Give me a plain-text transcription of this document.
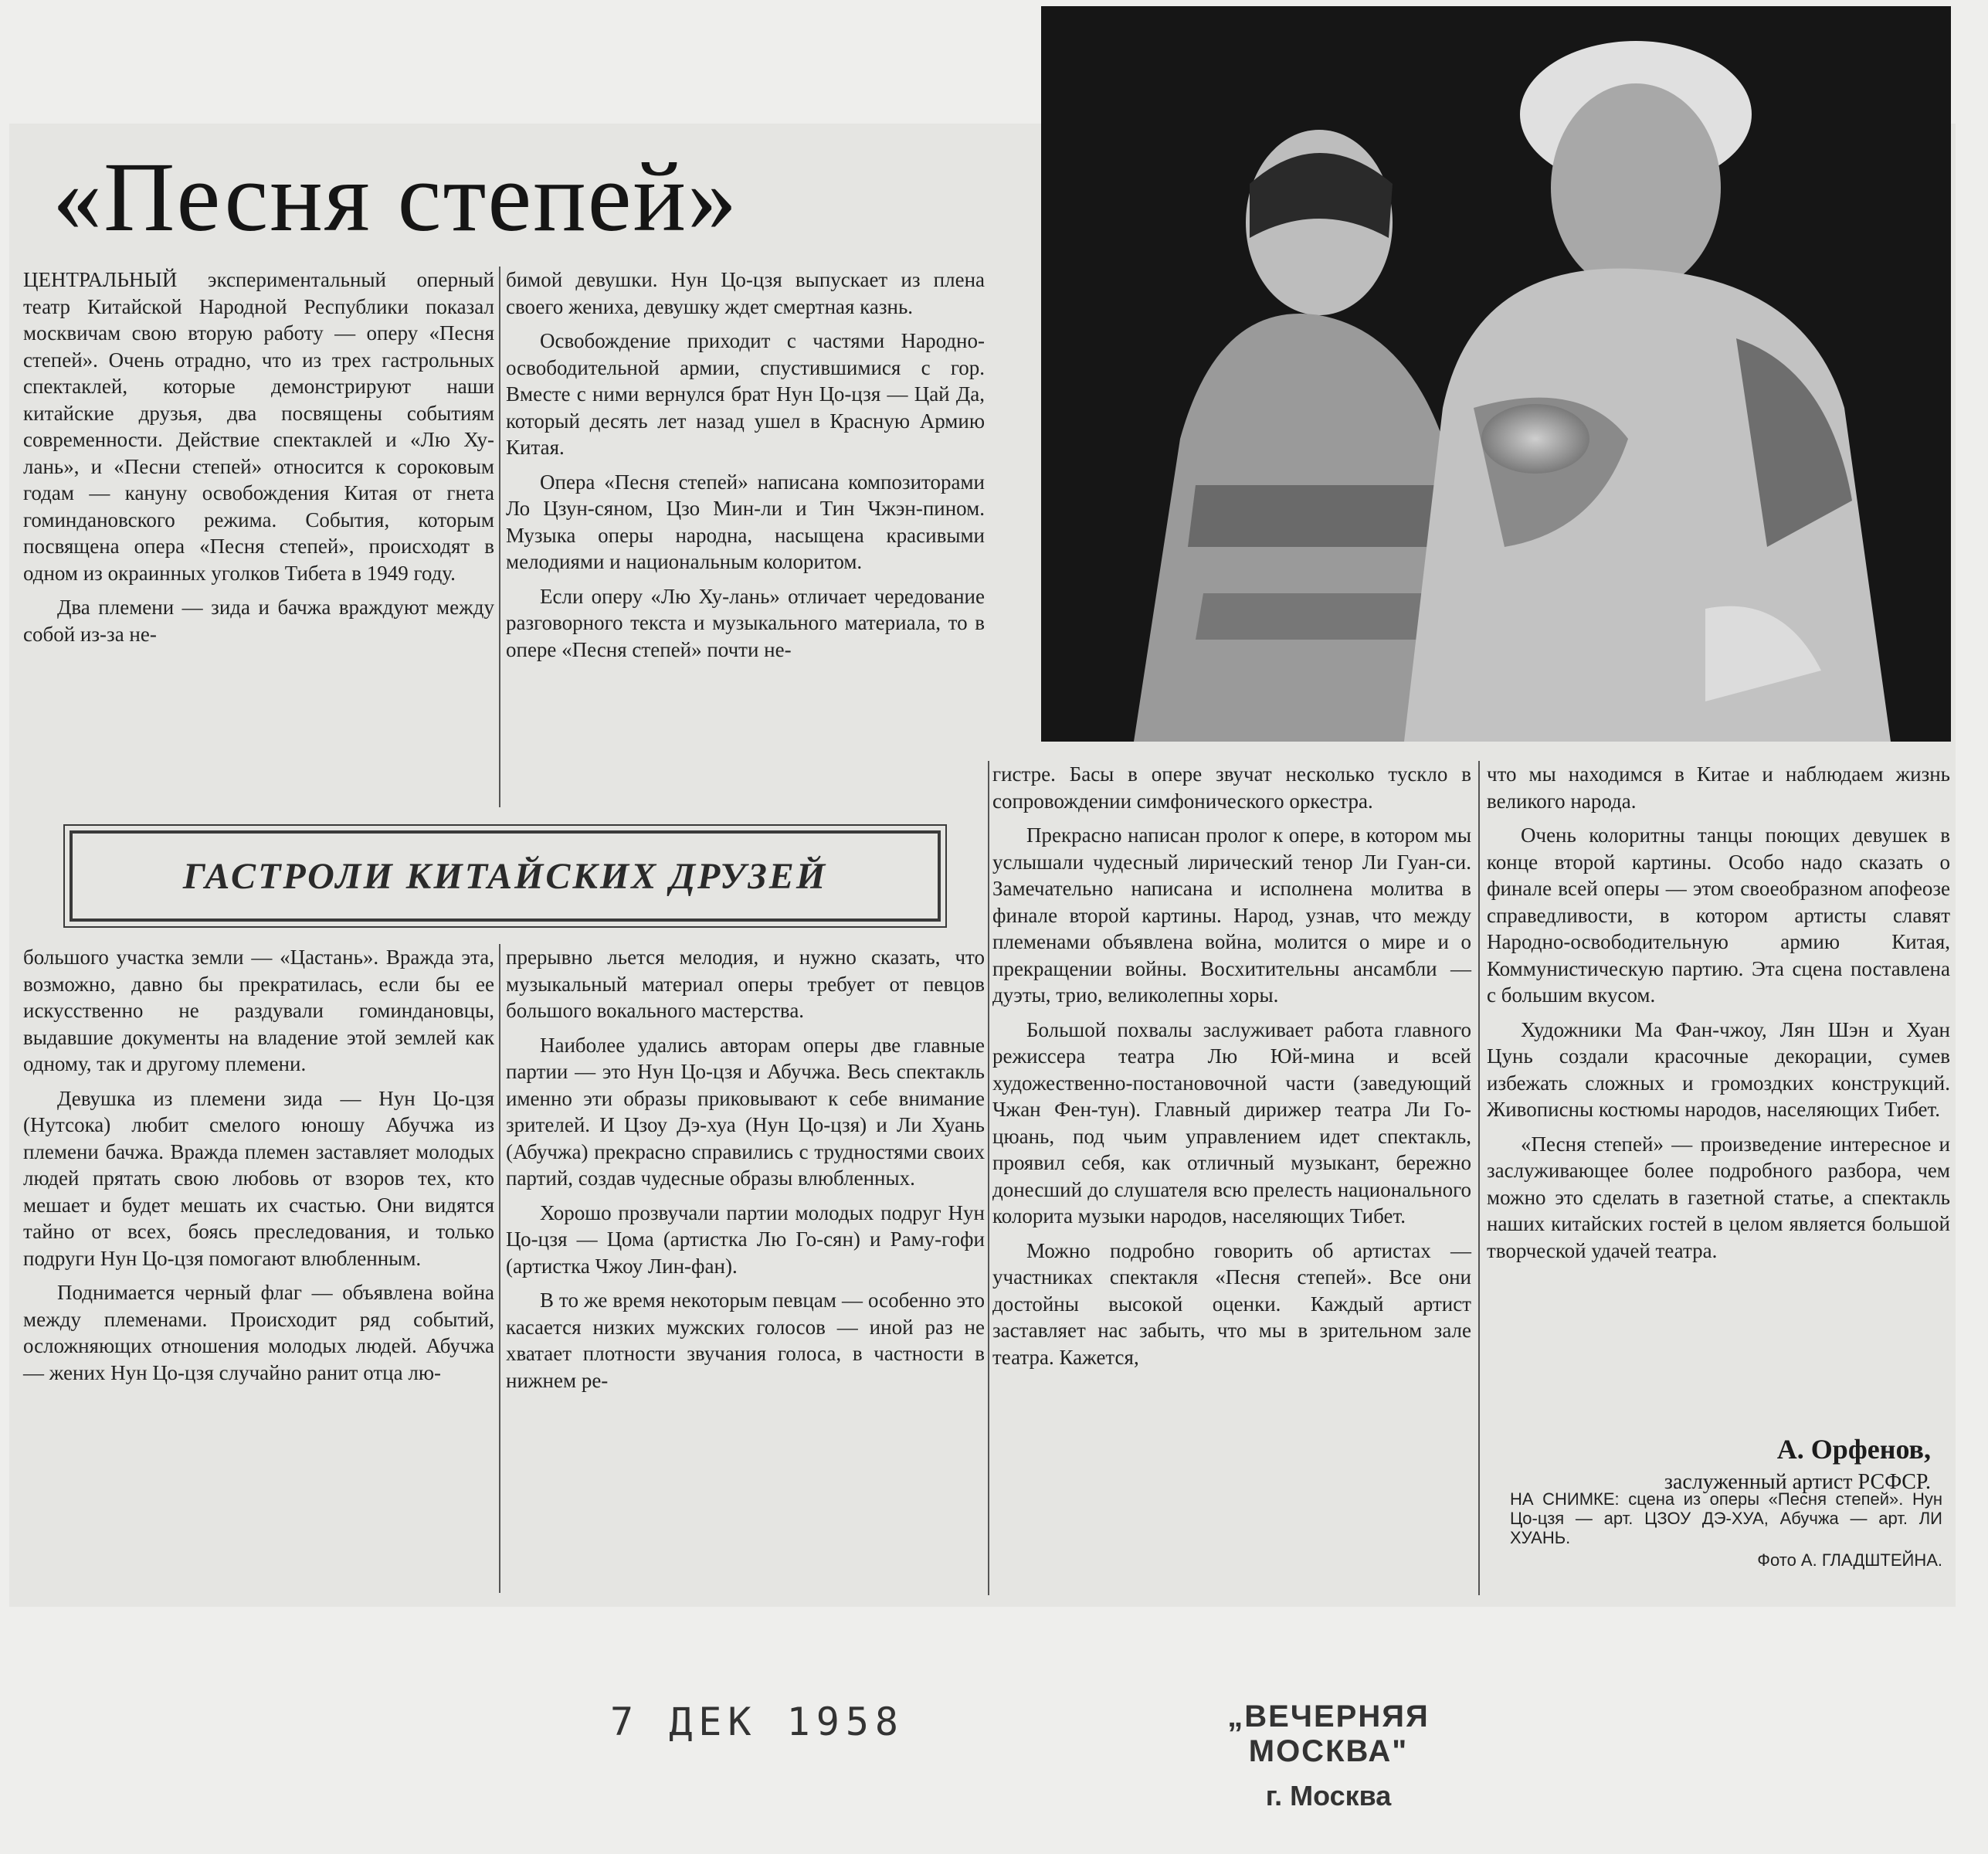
«Песня степей»

ЦЕНТРАЛЬНЫЙ экспериментальный оперный театр Китайской Народной Республики показал москвичам свою вторую работу — оперу «Песня степей». Очень отрадно, что из трех гастрольных спектаклей, которые демонстрируют наши китайские друзья, два посвящены событиям современности. Действие спектаклей и «Лю Ху-лань», и «Песни степей» относится к сороковым годам — кануну освобождения Китая от гнета гоминдановского режима. События, которым посвящена опера «Песня степей», происходят в одном из окраинных уголков Тибета в 1949 году.

Два племени — зида и бачжа враждуют между собой из-за не-

бимой девушки. Нун Цо-цзя выпускает из плена своего жениха, девушку ждет смертная казнь.

Освобождение приходит с частями Народно-освободительной армии, спустившимися с гор. Вместе с ними вернулся брат Нун Цо-цзя — Цай Да, который десять лет назад ушел в Красную Армию Китая.

Опера «Песня степей» написана композиторами Ло Цзун-сяном, Цзо Мин-ли и Тин Чжэн-пином. Музыка оперы народна, насыщена красивыми мелодиями и национальным колоритом.

Если оперу «Лю Ху-лань» отличает чередование разговорного текста и музыкального материала, то в опере «Песня степей» почти не-

ГАСТРОЛИ КИТАЙСКИХ ДРУЗЕЙ

большого участка земли — «Цастань». Вражда эта, возможно, давно бы прекратилась, если бы ее искусственно не раздували гоминдановцы, выдавшие документы на владение этой землей как одному, так и другому племени.

Девушка из племени зида — Нун Цо-цзя (Нутсока) любит смелого юношу Абучжа из племени бачжа. Вражда племен заставляет молодых людей прятать свою любовь от взоров тех, кто мешает и будет мешать их счастью. Они видятся тайно от всех, боясь преследования, и только подруги Нун Цо-цзя помогают влюбленным.

Поднимается черный флаг — объявлена война между племенами. Происходит ряд событий, осложняющих отношения молодых людей. Абучжа — жених Нун Цо-цзя случайно ранит отца лю-

прерывно льется мелодия, и нужно сказать, что музыкальный материал оперы требует от певцов большого вокального мастерства.

Наиболее удались авторам оперы две главные партии — это Нун Цо-цзя и Абучжа. Весь спектакль именно эти образы приковывают к себе внимание зрителей. И Цзоу Дэ-хуа (Нун Цо-цзя) и Ли Хуань (Абучжа) прекрасно справились с трудностями своих партий, создав чудесные образы влюбленных.

Хорошо прозвучали партии молодых подруг Нун Цо-цзя — Цома (артистка Лю Го-сян) и Раму-гофи (артистка Чжоу Лин-фан).

В то же время некоторым певцам — особенно это касается низких мужских голосов — иной раз не хватает плотности звучания голоса, в частности в нижнем ре-

гистре. Басы в опере звучат несколько тускло в сопровождении симфонического оркестра.

Прекрасно написан пролог к опере, в котором мы услышали чудесный лирический тенор Ли Гуан-си. Замечательно написана и исполнена молитва в финале второй картины. Народ, узнав, что между племенами объявлена война, молится о мире и о прекращении войны. Восхитительны ансамбли — дуэты, трио, великолепны хоры.

Большой похвалы заслуживает работа главного режиссера театра Лю Юй-мина и всей художественно-постановочной части (заведующий Чжан Фен-тун). Главный дирижер театра Ли Го-цюань, под чьим управлением идет спектакль, проявил себя, как отличный музыкант, бережно донесший до слушателя всю прелесть национального колорита музыки народов, населяющих Тибет.

Можно подробно говорить об артистах — участниках спектакля «Песня степей». Все они достойны высокой оценки. Каждый артист заставляет нас забыть, что мы в зрительном зале театра. Кажется,

что мы находимся в Китае и наблюдаем жизнь великого народа.

Очень колоритны танцы поющих девушек в конце второй картины. Особо надо сказать о финале всей оперы — этом своеобразном апофеозе справедливости, в котором артисты славят Народно-освободительную армию Китая, Коммунистическую партию. Эта сцена поставлена с большим вкусом.

Художники Ма Фан-чжоу, Лян Шэн и Хуан Цунь создали красочные декорации, сумев избежать сложных и громоздких конструкций. Живописны костюмы народов, населяющих Тибет.

«Песня степей» — произведение интересное и заслуживающее более подробного разбора, чем можно это сделать в газетной статье, а спектакль наших китайских гостей в целом является большой творческой удачей театра.

А. Орфенов,
заслуженный артист РСФСР.
НА СНИМКЕ: сцена из оперы «Песня степей». Нун Цо-цзя — арт. ЦЗОУ ДЭ-ХУА, Абучжа — арт. ЛИ ХУАНЬ.
Фото А. ГЛАДШТЕЙНА.
7 ДЕК 1958	„ВЕЧЕРНЯЯ МОСКВА"
г. Москва
